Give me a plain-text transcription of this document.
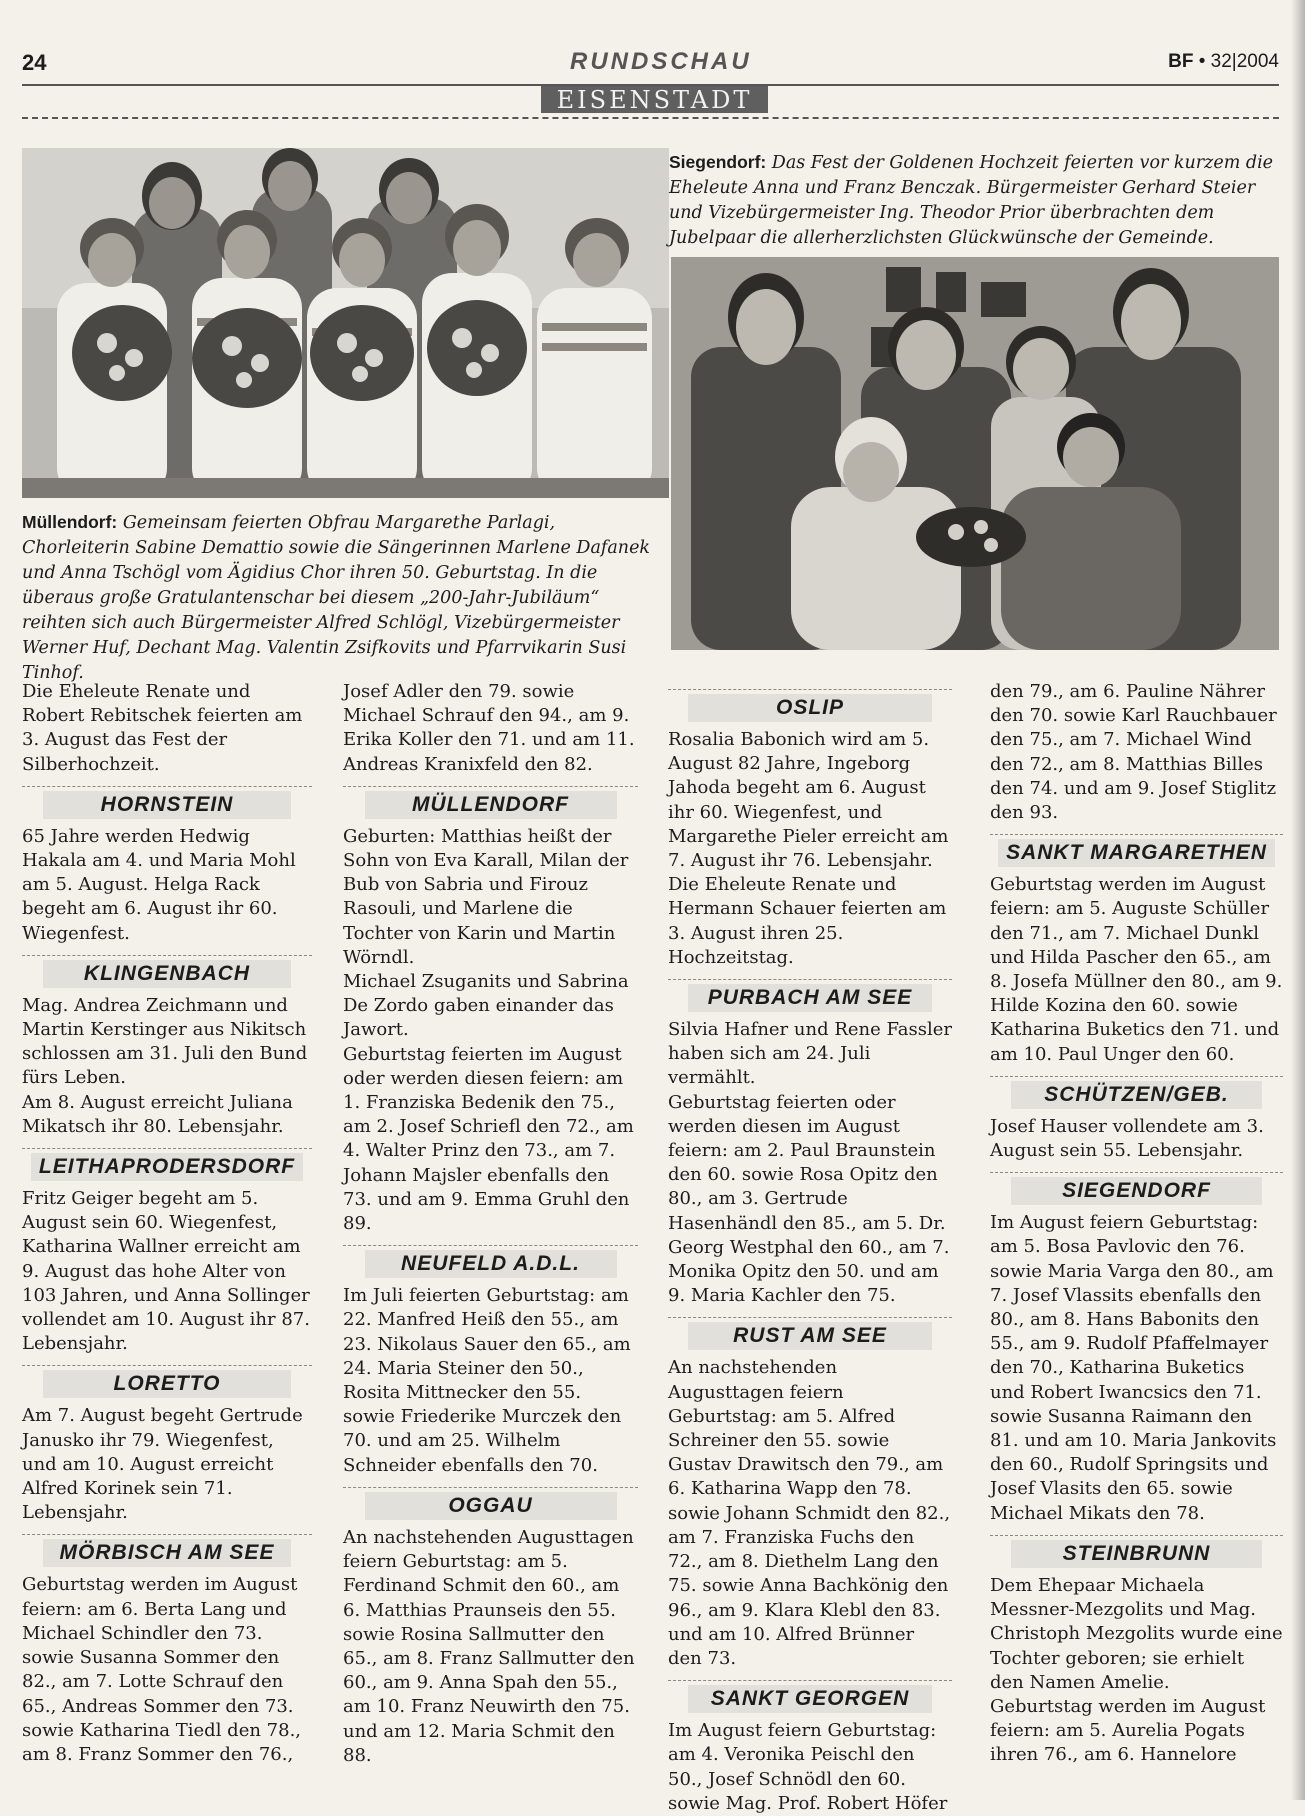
24	RUNDSCHAU	BF • 32|2004
EISENSTADT
Siegendorf: Das Fest der Goldenen Hochzeit feierten vor kurzem die Eheleute Anna und Franz Benczak. Bürgermeister Gerhard Steier und Vizebürgermeister Ing. Theodor Prior überbrachten dem Jubelpaar die allerherzlichsten Glückwünsche der Gemeinde.
Müllendorf: Gemeinsam feierten Obfrau Margarethe Parlagi, Chorleiterin Sabine Demattio sowie die Sängerinnen Marlene Dafanek und Anna Tschögl vom Ägidius Chor ihren 50. Geburtstag. In die überaus große Gratulantenschar bei diesem „200-Jahr-Jubiläum“ reihten sich auch Bürgermeister Alfred Schlögl, Vizebürgermeister Werner Huf, Dechant Mag. Valentin Zsifkovits und Pfarrvikarin Susi Tinhof.

Die Eheleute Renate und Robert Rebitschek feierten am 3. August das Fest der Silberhochzeit.

HORNSTEIN

65 Jahre werden Hedwig Hakala am 4. und Maria Mohl am 5. August. Helga Rack begeht am 6. August ihr 60. Wiegenfest.

KLINGENBACH

Mag. Andrea Zeichmann und Martin Kerstinger aus Nikitsch schlossen am 31. Juli den Bund fürs Leben.

Am 8. August erreicht Juliana Mikatsch ihr 80. Lebensjahr.

LEITHAPRODERSDORF

Fritz Geiger begeht am 5. August sein 60. Wiegenfest, Katharina Wallner erreicht am 9. August das hohe Alter von 103 Jahren, und Anna Sollinger vollendet am 10. August ihr 87. Lebensjahr.

LORETTO

Am 7. August begeht Gertrude Janusko ihr 79. Wiegenfest, und am 10. August erreicht Alfred Korinek sein 71. Lebensjahr.

MÖRBISCH AM SEE

Geburtstag werden im August feiern: am 6. Berta Lang und Michael Schindler den 73. sowie Susanna Sommer den 82., am 7. Lotte Schrauf den 65., Andreas Sommer den 73. sowie Katharina Tiedl den 78., am 8. Franz Sommer den 76.,

Josef Adler den 79. sowie Michael Schrauf den 94., am 9. Erika Koller den 71. und am 11. Andreas Kranixfeld den 82.

MÜLLENDORF

Geburten: Matthias heißt der Sohn von Eva Karall, Milan der Bub von Sabria und Firouz Rasouli, und Marlene die Tochter von Karin und Martin Wörndl.

Michael Zsuganits und Sabrina De Zordo gaben einander das Jawort.

Geburtstag feierten im August oder werden diesen feiern: am 1. Franziska Bedenik den 75., am 2. Josef Schriefl den 72., am 4. Walter Prinz den 73., am 7. Johann Majsler ebenfalls den 73. und am 9. Emma Gruhl den 89.

NEUFELD A.D.L.

Im Juli feierten Geburtstag: am 22. Manfred Heiß den 55., am 23. Nikolaus Sauer den 65., am 24. Maria Steiner den 50., Rosita Mittnecker den 55. sowie Friederike Murczek den 70. und am 25. Wilhelm Schneider ebenfalls den 70.

OGGAU

An nachstehenden Augusttagen feiern Geburtstag: am 5. Ferdinand Schmit den 60., am 6. Matthias Praunseis den 55. sowie Rosina Sallmutter den 65., am 8. Franz Sallmutter den 60., am 9. Anna Spah den 55., am 10. Franz Neuwirth den 75. und am 12. Maria Schmit den 88.

OSLIP

Rosalia Babonich wird am 5. August 82 Jahre, Ingeborg Jahoda begeht am 6. August ihr 60. Wiegenfest, und Margarethe Pieler erreicht am 7. August ihr 76. Lebensjahr.

Die Eheleute Renate und Hermann Schauer feierten am 3. August ihren 25. Hochzeitstag.

PURBACH AM SEE

Silvia Hafner und Rene Fassler haben sich am 24. Juli vermählt.

Geburtstag feierten oder werden diesen im August feiern: am 2. Paul Braunstein den 60. sowie Rosa Opitz den 80., am 3. Gertrude Hasenhändl den 85., am 5. Dr. Georg Westphal den 60., am 7. Monika Opitz den 50. und am 9. Maria Kachler den 75.

RUST AM SEE

An nachstehenden Augusttagen feiern Geburtstag: am 5. Alfred Schreiner den 55. sowie Gustav Drawitsch den 79., am 6. Katharina Wapp den 78. sowie Johann Schmidt den 82., am 7. Franziska Fuchs den 72., am 8. Diethelm Lang den 75. sowie Anna Bachkönig den 96., am 9. Klara Klebl den 83. und am 10. Alfred Brünner den 73.

SANKT GEORGEN

Im August feiern Geburtstag: am 4. Veronika Peischl den 50., Josef Schnödl den 60. sowie Mag. Prof. Robert Höfer

den 79., am 6. Pauline Nährer den 70. sowie Karl Rauchbauer den 75., am 7. Michael Wind den 72., am 8. Matthias Billes den 74. und am 9. Josef Stiglitz den 93.

SANKT MARGARETHEN

Geburtstag werden im August feiern: am 5. Auguste Schüller den 71., am 7. Michael Dunkl und Hilda Pascher den 65., am 8. Josefa Müllner den 80., am 9. Hilde Kozina den 60. sowie Katharina Buketics den 71. und am 10. Paul Unger den 60.

SCHÜTZEN/GEB.

Josef Hauser vollendete am 3. August sein 55. Lebensjahr.

SIEGENDORF

Im August feiern Geburtstag: am 5. Bosa Pavlovic den 76. sowie Maria Varga den 80., am 7. Josef Vlassits ebenfalls den 80., am 8. Hans Babonits den 55., am 9. Rudolf Pfaffelmayer den 70., Katharina Buketics und Robert Iwancsics den 71. sowie Susanna Raimann den 81. und am 10. Maria Jankovits den 60., Rudolf Springsits und Josef Vlasits den 65. sowie Michael Mikats den 78.

STEINBRUNN

Dem Ehepaar Michaela Messner-Mezgolits und Mag. Christoph Mezgolits wurde eine Tochter geboren; sie erhielt den Namen Amelie.

Geburtstag werden im August feiern: am 5. Aurelia Pogats ihren 76., am 6. Hannelore
